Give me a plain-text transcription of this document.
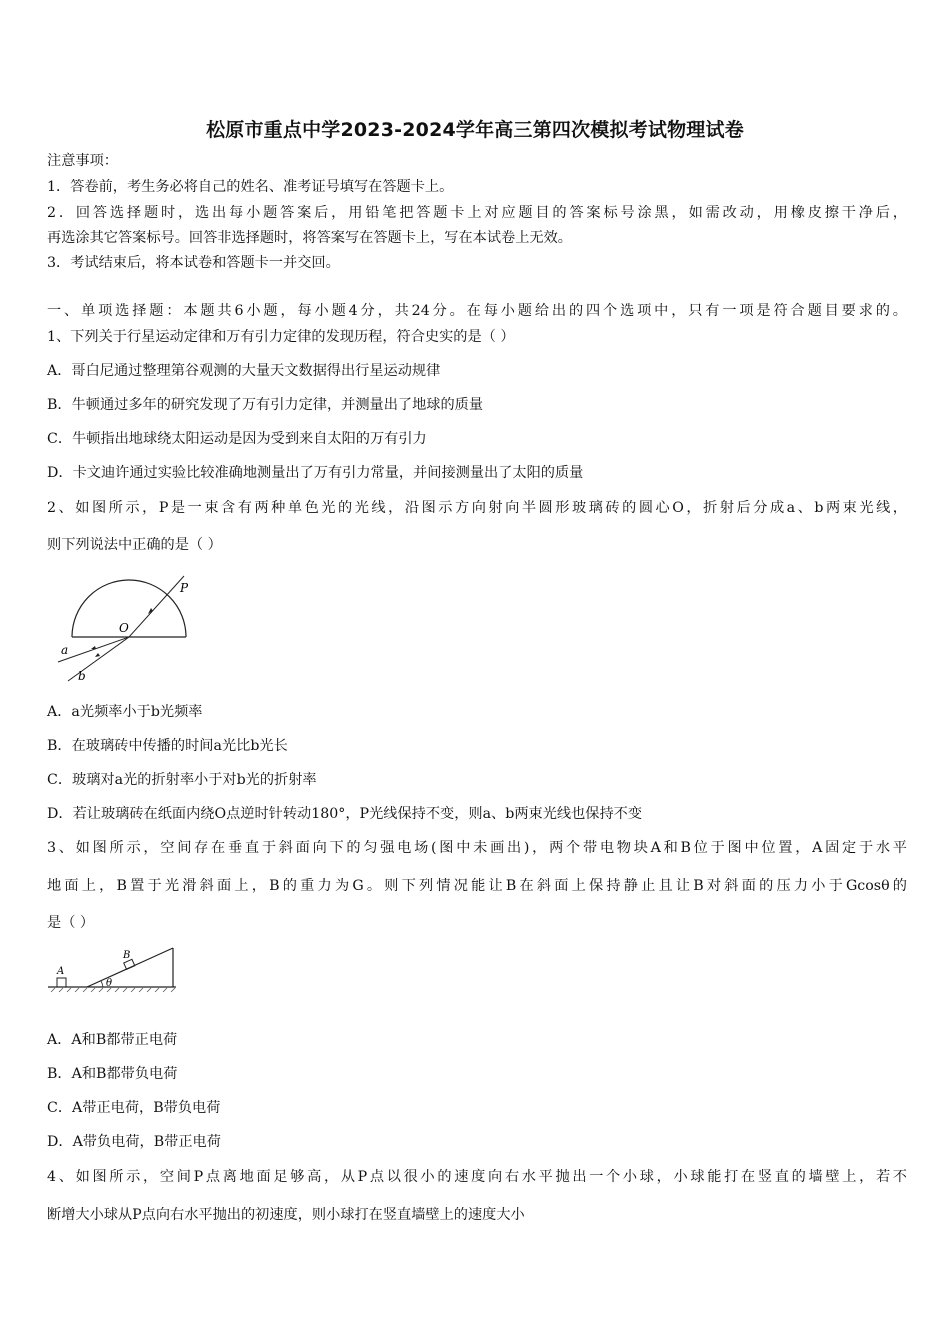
松原市重点中学2023-2024学年高三第四次模拟考试物理试卷
注意事项：
1．答卷前，考生务必将自己的姓名、准考证号填写在答题卡上。
2．回答选择题时，选出每小题答案后，用铅笔把答题卡上对应题目的答案标号涂黑，如需改动，用橡皮擦干净后，
再选涂其它答案标号。回答非选择题时，将答案写在答题卡上，写在本试卷上无效。
3．考试结束后，将本试卷和答题卡一并交回。
一、单项选择题：本题共6小题，每小题4分，共24分。在每小题给出的四个选项中，只有一项是符合题目要求的。
1、下列关于行星运动定律和万有引力定律的发现历程，符合史实的是（ ）
A．哥白尼通过整理第谷观测的大量天文数据得出行星运动规律
B．牛顿通过多年的研究发现了万有引力定律，并测量出了地球的质量
C．牛顿指出地球绕太阳运动是因为受到来自太阳的万有引力
D．卡文迪许通过实验比较准确地测量出了万有引力常量，并间接测量出了太阳的质量
2、如图所示，P是一束含有两种单色光的光线，沿图示方向射向半圆形玻璃砖的圆心O，折射后分成a、b两束光线，
则下列说法中正确的是（ ）
P
O
a
b
A．a光频率小于b光频率
B．在玻璃砖中传播的时间a光比b光长
C．玻璃对a光的折射率小于对b光的折射率
D．若让玻璃砖在纸面内绕O点逆时针转动180°，P光线保持不变，则a、b两束光线也保持不变
3、如图所示，空间存在垂直于斜面向下的匀强电场(图中未画出)，两个带电物块A和B位于图中位置，A固定于水平
地面上，B置于光滑斜面上，B的重力为G。则下列情况能让B在斜面上保持静止且让B对斜面的压力小于Gcosθ的
是（ ）
A
B
θ
A．A和B都带正电荷
B．A和B都带负电荷
C．A带正电荷，B带负电荷
D．A带负电荷，B带正电荷
4、如图所示，空间P点离地面足够高，从P点以很小的速度向右水平抛出一个小球，小球能打在竖直的墙壁上，若不
断增大小球从P点向右水平抛出的初速度，则小球打在竖直墙壁上的速度大小
